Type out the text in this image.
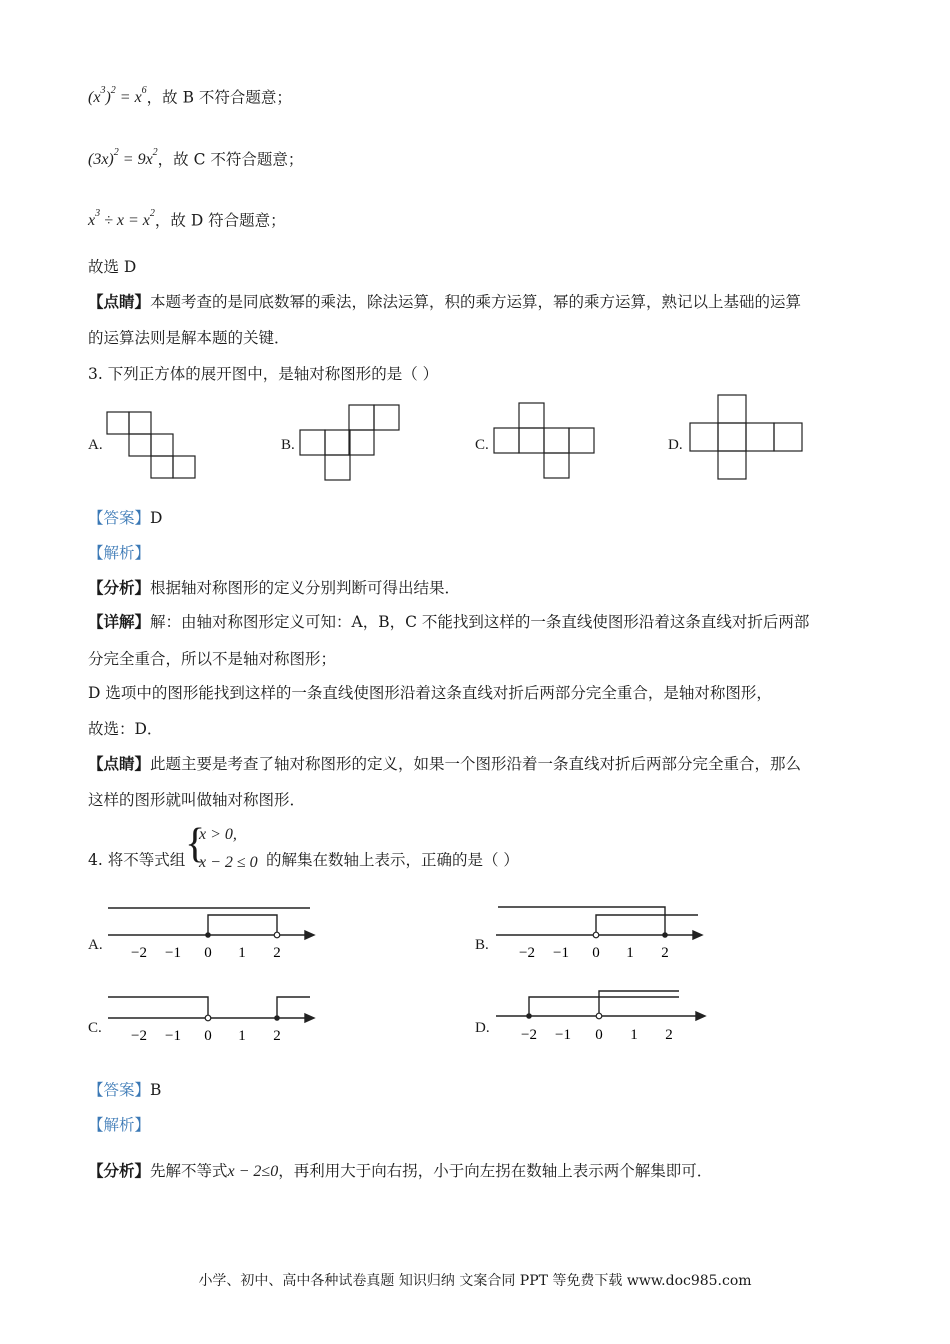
$(x^3)^2 = x^6$，故 B 不符合题意；
$(3x)^2 = 9x^2$，故 C 不符合题意；
$x^3 \div x = x^2$，故 D 符合题意；
故选 D
【点睛】本题考查的是同底数幂的乘法，除法运算，积的乘方运算，幂的乘方运算，熟记以上基础的运算
的运算法则是解本题的关键．
3. 下列正方体的展开图中，是轴对称图形的是（ ）
A.	B.	C.	D.
【答案】D
【解析】
【分析】根据轴对称图形的定义分别判断可得出结果．
【详解】解：由轴对称图形定义可知：A，B，C 不能找到这样的一条直线使图形沿着这条直线对折后两部
分完全重合，所以不是轴对称图形；
D 选项中的图形能找到这样的一条直线使图形沿着这条直线对折后两部分完全重合，是轴对称图形，
故选：D．
【点睛】此题主要是考查了轴对称图形的定义，如果一个图形沿着一条直线对折后两部分完全重合，那么
这样的图形就叫做轴对称图形．
4. 将不等式组 {
x > 0,
x − 2 ≤ 0 的解集在数轴上表示，正确的是（ ）
A. −2 −1 0 1 2	B. −2 −1 0 1 2
C. −2 −1 0 1 2	D. −2 −1 0 1 2
【答案】B
【解析】
【分析】先解不等式x − 2≤0，再利用大于向右拐，小于向左拐在数轴上表示两个解集即可．
小学、初中、高中各种试卷真题 知识归纳 文案合同 PPT 等免费下载 www.doc985.com
